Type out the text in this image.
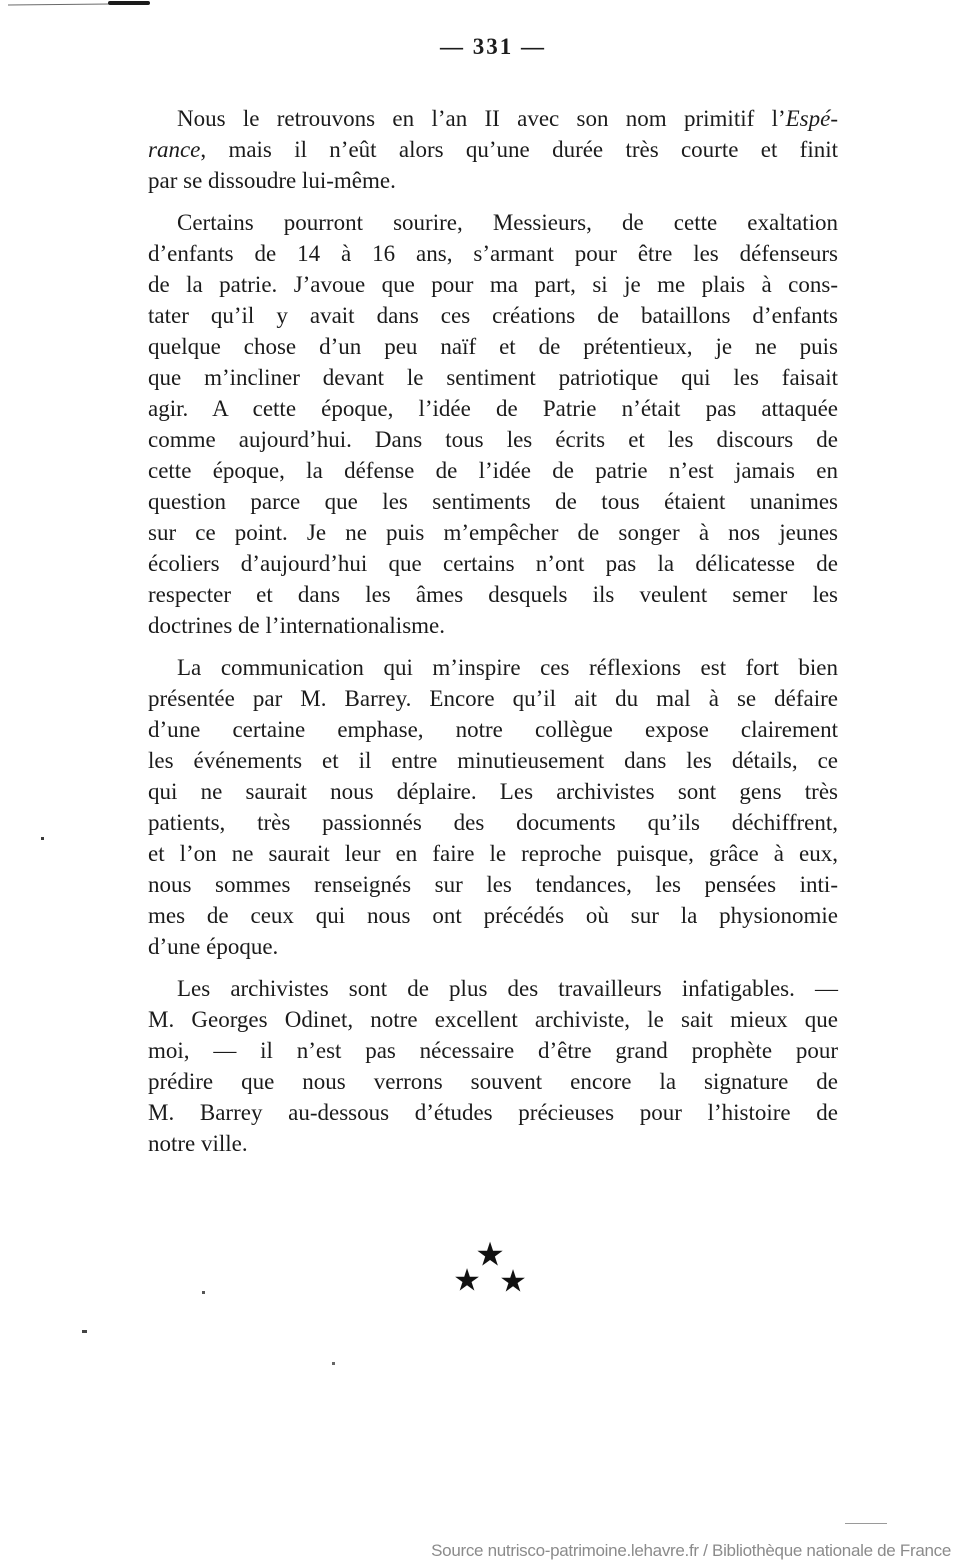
— 331 —
Nous le retrouvons en l’an II avec son nom primitif l’Espé-
rance, mais il n’eût alors qu’une durée très courte et finit
par se dissoudre lui-même.
Certains pourront sourire, Messieurs, de cette exaltation
d’enfants de 14 à 16 ans, s’armant pour être les défenseurs
de la patrie. J’avoue que pour ma part, si je me plais à cons-
tater qu’il y avait dans ces créations de bataillons d’enfants
quelque chose d’un peu naïf et de prétentieux, je ne puis
que m’incliner devant le sentiment patriotique qui les faisait
agir. A cette époque, l’idée de Patrie n’était pas attaquée
comme aujourd’hui. Dans tous les écrits et les discours de
cette époque, la défense de l’idée de patrie n’est jamais en
question parce que les sentiments de tous étaient unanimes
sur ce point. Je ne puis m’empêcher de songer à nos jeunes
écoliers d’aujourd’hui que certains n’ont pas la délicatesse de
respecter et dans les âmes desquels ils veulent semer les
doctrines de l’internationalisme.
La communication qui m’inspire ces réflexions est fort bien
présentée par M. Barrey. Encore qu’il ait du mal à se défaire
d’une certaine emphase, notre collègue expose clairement
les événements et il entre minutieusement dans les détails, ce
qui ne saurait nous déplaire. Les archivistes sont gens très
patients, très passionnés des documents qu’ils déchiffrent,
et l’on ne saurait leur en faire le reproche puisque, grâce à eux,
nous sommes renseignés sur les tendances, les pensées inti-
mes de ceux qui nous ont précédés où sur la physionomie
d’une époque.
Les archivistes sont de plus des travailleurs infatigables. —
M. Georges Odinet, notre excellent archiviste, le sait mieux que
moi, — il n’est pas nécessaire d’être grand prophète pour
prédire que nous verrons souvent encore la signature de
M. Barrey au-dessous d’études précieuses pour l’histoire de
notre ville.
★
★ ★
Source nutrisco-patrimoine.lehavre.fr / Bibliothèque nationale de France
